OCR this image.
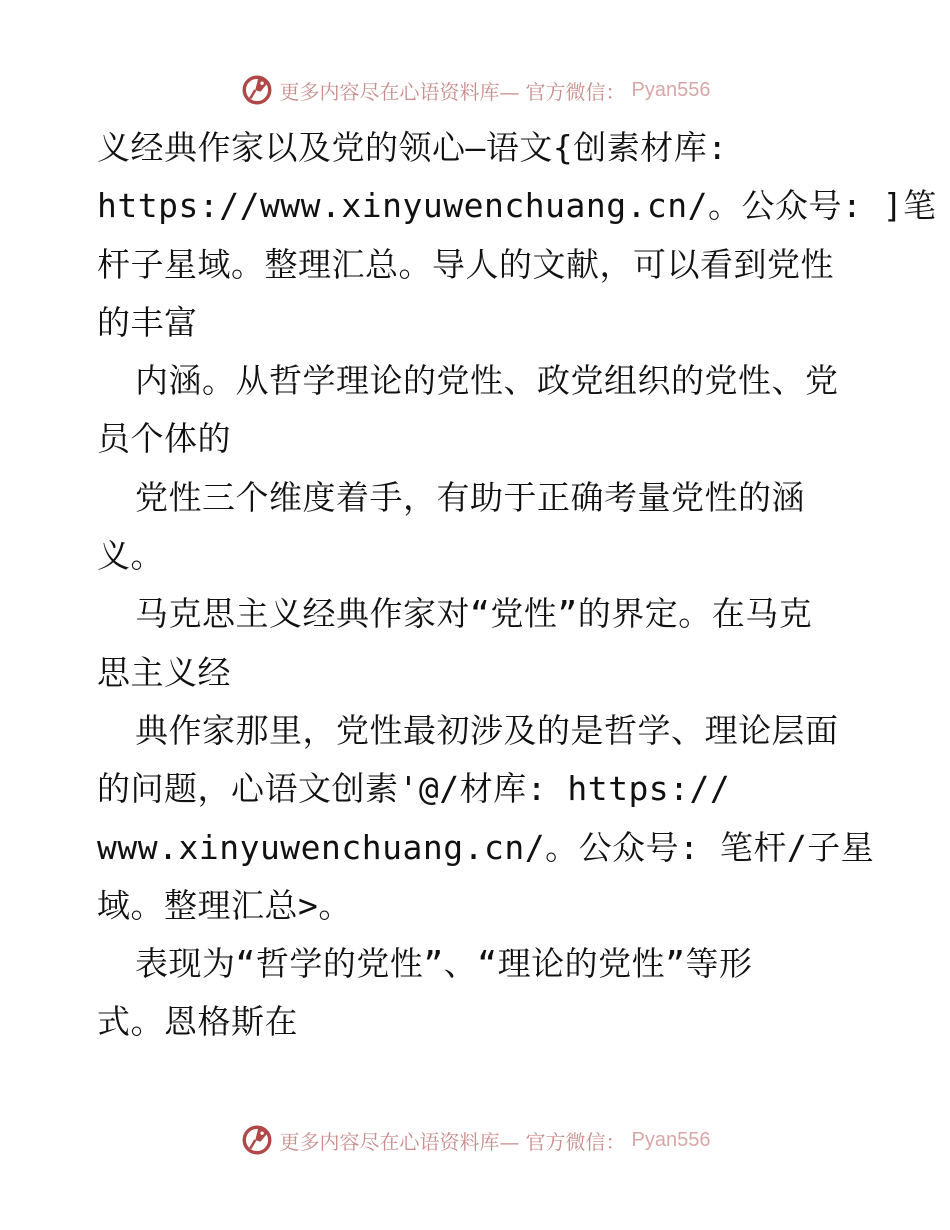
更多内容尽在心语资料库— 官方微信： Pyan556
义经典作家以及党的领心—语文{创素材库:
https://www.xinyuwenchuang.cn/。公众号: ]笔
杆子星域。整理汇总。导人的文献，可以看到党性
的丰富
内涵。从哲学理论的党性、政党组织的党性、党
员个体的
党性三个维度着手，有助于正确考量党性的涵
义。
马克思主义经典作家对“党性”的界定。在马克
思主义经
典作家那里，党性最初涉及的是哲学、理论层面
的问题，心语文创素'@/材库: https://
www.xinyuwenchuang.cn/。公众号: 笔杆/子星
域。整理汇总>。
表现为“哲学的党性”、“理论的党性”等形
式。恩格斯在
更多内容尽在心语资料库— 官方微信： Pyan556
